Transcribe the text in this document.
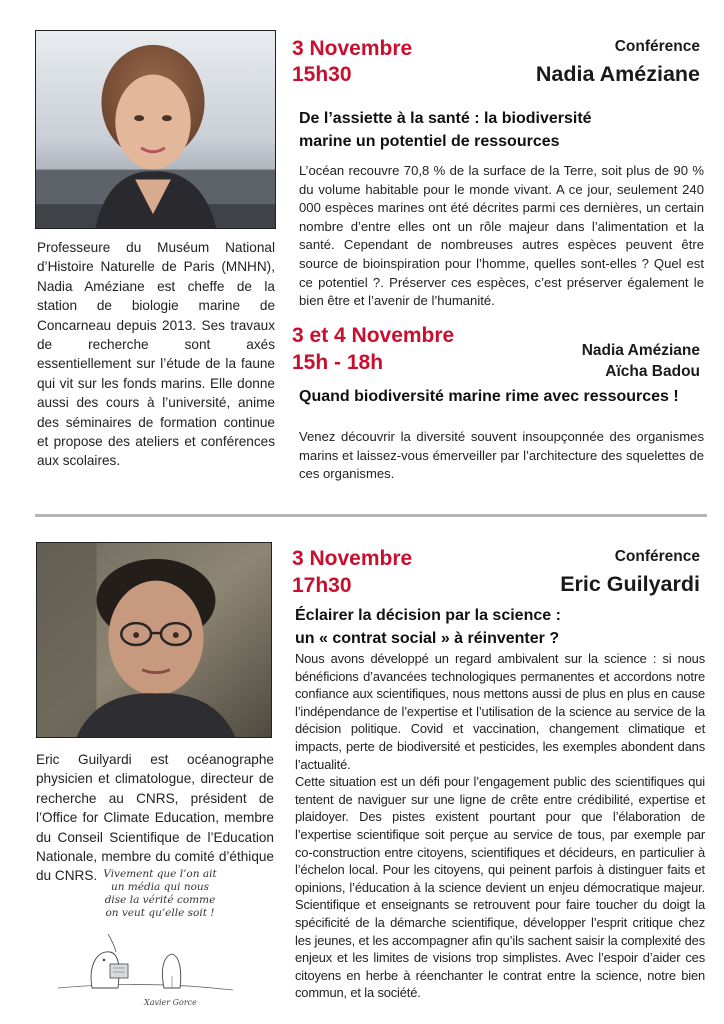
Professeure du Muséum National d’Histoire Naturelle de Paris (MNHN), Nadia Améziane est cheffe de la station de biologie marine de Concarneau depuis 2013. Ses travaux de recherche sont axés essentiellement sur l’étude de la faune qui vit sur les fonds marins. Elle donne aussi des cours à l’université, anime des séminaires de formation continue et propose des ateliers et conférences aux scolaires.
3 Novembre
15h30
Conférence
Nadia Améziane
De l’assiette à la santé : la biodiversité
marine un potentiel de ressources
L’océan recouvre 70,8 % de la surface de la Terre, soit plus de 90 % du volume habitable pour le monde vivant. A ce jour, seulement 240 000 espèces marines ont été décrites parmi ces dernières, un certain nombre d’entre elles ont un rôle majeur dans l’alimentation et la santé. Cependant de nombreuses autres espèces peuvent être source de bioinspiration pour l’homme, quelles sont-elles ? Quel est ce potentiel ?. Préserver ces espèces, c’est préserver également le bien être et l’avenir de l’humanité.
3 et 4 Novembre
15h - 18h
Nadia Améziane
Aïcha Badou
Quand biodiversité marine rime avec ressources !
Venez découvrir la diversité souvent insoupçonnée des organismes marins et laissez-vous émerveiller par l’architecture des squelettes de ces organismes.
Eric Guilyardi est océanographe physicien et climatologue, directeur de recherche au CNRS, président de l’Office for Climate Education, membre du Conseil Scientifique de l’Education Nationale, membre du comité d’éthique du CNRS. Vivement que l’on ait
un média qui nous
dise la vérité comme
on veut qu’elle soit !
Xavier Gorce
3 Novembre
17h30
Conférence
Eric Guilyardi
Éclairer la décision par la science :
un « contrat social » à réinventer ?

Nous avons développé un regard ambivalent sur la science : si nous bénéficions d’avancées technologiques permanentes et accordons notre confiance aux scientifiques, nous mettons aussi de plus en plus en cause l’indépendance de l’expertise et l’utilisation de la science au service de la décision politique. Covid et vaccination, changement climatique et impacts, perte de biodiversité et pesticides, les exemples abondent dans l’actualité.

Cette situation est un défi pour l’engagement public des scientifiques qui tentent de naviguer sur une ligne de crête entre crédibilité, expertise et plaidoyer. Des pistes existent pourtant pour que l’élaboration de l’expertise scientifique soit perçue au service de tous, par exemple par co-construction entre citoyens, scientifiques et décideurs, en particulier à l’échelon local. Pour les citoyens, qui peinent parfois à distinguer faits et opinions, l’éducation à la science devient un enjeu démocratique majeur. Scientifique et enseignants se retrouvent pour faire toucher du doigt la spécificité de la démarche scientifique, développer l’esprit critique chez les jeunes, et les accompagner afin qu’ils sachent saisir la complexité des enjeux et les limites de visions trop simplistes. Avec l’espoir d’aider ces citoyens en herbe à réenchanter le contrat entre la science, notre bien commun, et la société.
